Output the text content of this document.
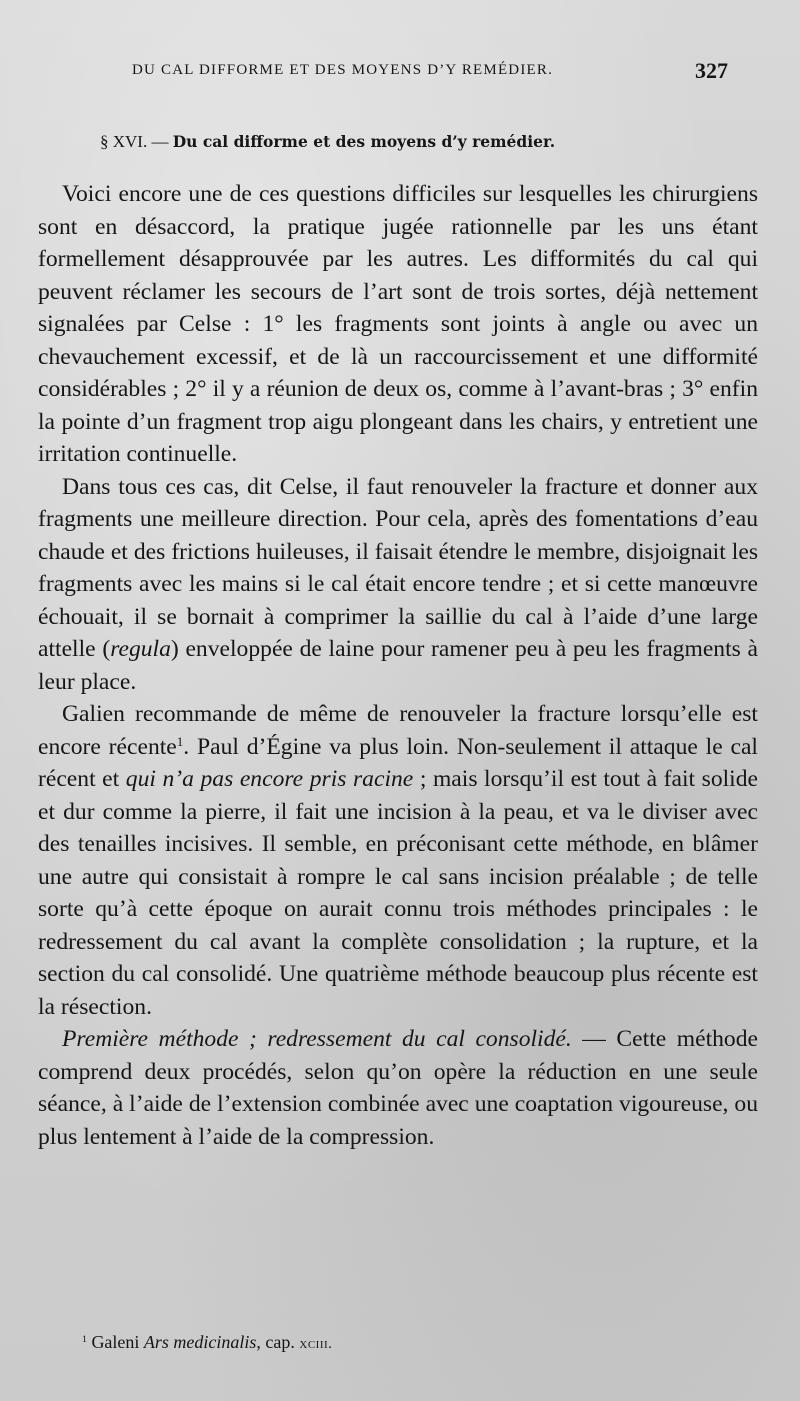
DU CAL DIFFORME ET DES MOYENS D’Y REMÉDIER.	327
§ XVI. — Du cal difforme et des moyens d’y remédier.

Voici encore une de ces questions difficiles sur lesquelles les chirurgiens sont en désaccord, la pratique jugée rationnelle par les uns étant formellement désapprouvée par les autres. Les difformités du cal qui peuvent réclamer les secours de l’art sont de trois sortes, déjà nettement signalées par Celse : 1° les fragments sont joints à angle ou avec un chevauchement excessif, et de là un raccourcissement et une difformité considérables ; 2° il y a réunion de deux os, comme à l’avant-bras ; 3° enfin la pointe d’un fragment trop aigu plongeant dans les chairs, y entretient une irritation continuelle.

Dans tous ces cas, dit Celse, il faut renouveler la fracture et donner aux fragments une meilleure direction. Pour cela, après des fomentations d’eau chaude et des frictions huileuses, il faisait étendre le membre, disjoignait les fragments avec les mains si le cal était encore tendre ; et si cette manœuvre échouait, il se bornait à comprimer la saillie du cal à l’aide d’une large attelle (regula) enveloppée de laine pour ramener peu à peu les fragments à leur place.

Galien recommande de même de renouveler la fracture lorsqu’elle est encore récente$^1$. Paul d’Égine va plus loin. Non-seulement il attaque le cal récent et qui n’a pas encore pris racine ; mais lorsqu’il est tout à fait solide et dur comme la pierre, il fait une incision à la peau, et va le diviser avec des tenailles incisives. Il semble, en préconisant cette méthode, en blâmer une autre qui consistait à rompre le cal sans incision préalable ; de telle sorte qu’à cette époque on aurait connu trois méthodes principales : le redressement du cal avant la complète consolidation ; la rupture, et la section du cal consolidé. Une quatrième méthode beaucoup plus récente est la résection.

Première méthode ; redressement du cal consolidé. — Cette méthode comprend deux procédés, selon qu’on opère la réduction en une seule séance, à l’aide de l’extension combinée avec une coaptation vigoureuse, ou plus lentement à l’aide de la compression.

$^1$ Galeni Ars medicinalis, cap. xciii.
